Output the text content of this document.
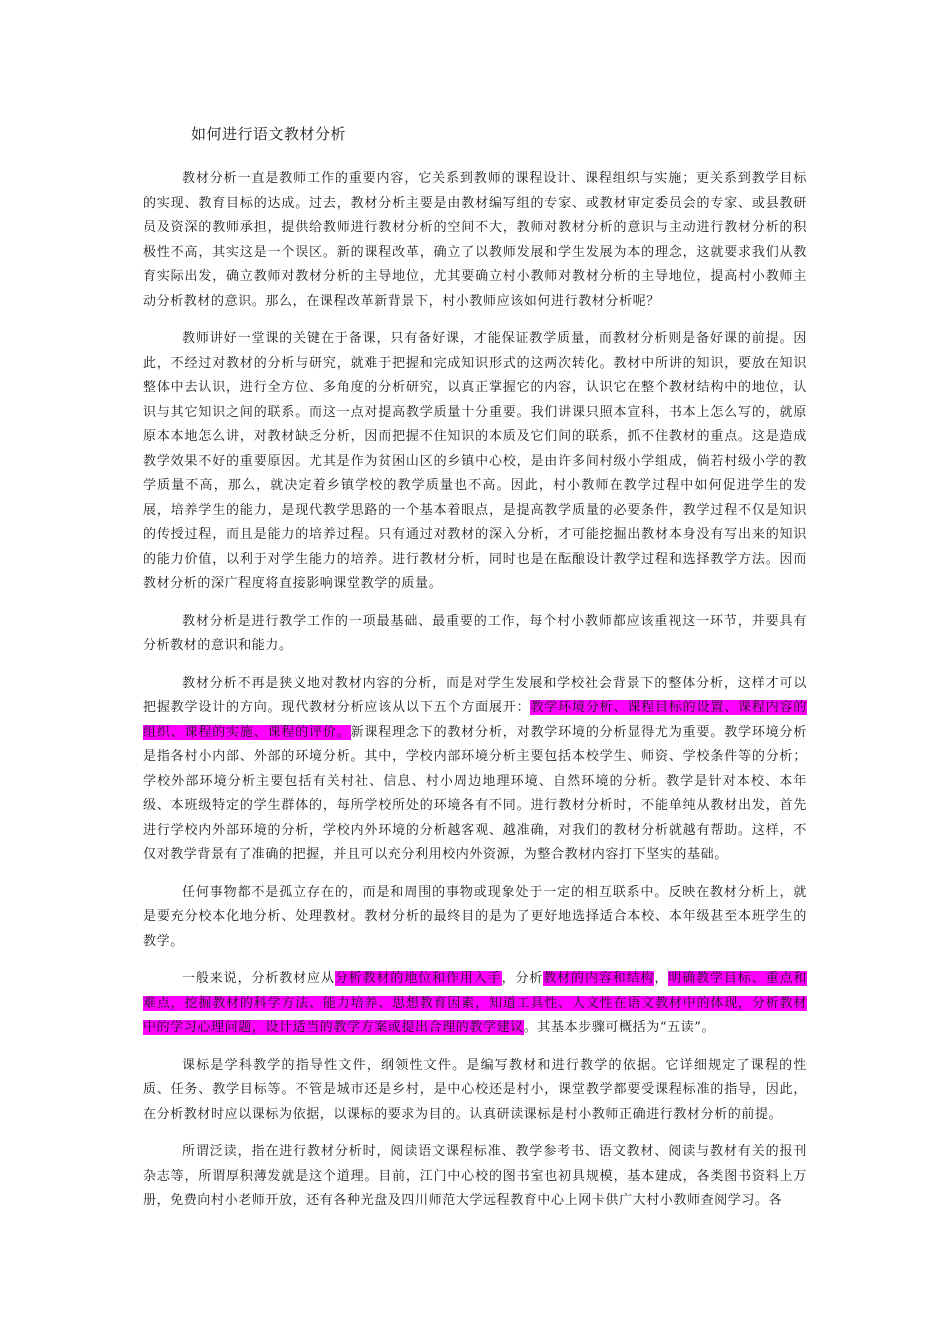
如何进行语文教材分析

教材分析一直是教师工作的重要内容，它关系到教师的课程设计、课程组织与实施；更关系到教学目标的实现、教育目标的达成。过去，教材分析主要是由教材编写组的专家、或教材审定委员会的专家、或县教研员及资深的教师承担，提供给教师进行教材分析的空间不大，教师对教材分析的意识与主动进行教材分析的积极性不高，其实这是一个误区。新的课程改革，确立了以教师发展和学生发展为本的理念，这就要求我们从教育实际出发，确立教师对教材分析的主导地位，尤其要确立村小教师对教材分析的主导地位，提高村小教师主动分析教材的意识。那么，在课程改革新背景下，村小教师应该如何进行教材分析呢？

教师讲好一堂课的关键在于备课，只有备好课，才能保证教学质量，而教材分析则是备好课的前提。因此，不经过对教材的分析与研究，就难于把握和完成知识形式的这两次转化。教材中所讲的知识，要放在知识整体中去认识，进行全方位、多角度的分析研究，以真正掌握它的内容，认识它在整个教材结构中的地位，认识与其它知识之间的联系。而这一点对提高教学质量十分重要。我们讲课只照本宣科，书本上怎么写的，就原原本本地怎么讲，对教材缺乏分析，因而把握不住知识的本质及它们间的联系，抓不住教材的重点。这是造成教学效果不好的重要原因。尤其是作为贫困山区的乡镇中心校，是由许多间村级小学组成，倘若村级小学的教学质量不高，那么，就决定着乡镇学校的教学质量也不高。因此，村小教师在教学过程中如何促进学生的发展，培养学生的能力，是现代教学思路的一个基本着眼点，是提高教学质量的必要条件，教学过程不仅是知识的传授过程，而且是能力的培养过程。只有通过对教材的深入分析，才可能挖掘出教材本身没有写出来的知识的能力价值，以利于对学生能力的培养。进行教材分析，同时也是在酝酿设计教学过程和选择教学方法。因而教材分析的深广程度将直接影响课堂教学的质量。

教材分析是进行教学工作的一项最基础、最重要的工作，每个村小教师都应该重视这一环节，并要具有分析教材的意识和能力。

教材分析不再是狭义地对教材内容的分析，而是对学生发展和学校社会背景下的整体分析，这样才可以把握教学设计的方向。现代教材分析应该从以下五个方面展开：教学环境分析、课程目标的设置、课程内容的组织、课程的实施、课程的评价。新课程理念下的教材分析，对教学环境的分析显得尤为重要。教学环境分析是指各村小内部、外部的环境分析。其中，学校内部环境分析主要包括本校学生、师资、学校条件等的分析；学校外部环境分析主要包括有关村社、信息、村小周边地理环境、自然环境的分析。教学是针对本校、本年级、本班级特定的学生群体的，每所学校所处的环境各有不同。进行教材分析时，不能单纯从教材出发，首先进行学校内外部环境的分析，学校内外环境的分析越客观、越准确，对我们的教材分析就越有帮助。这样，不仅对教学背景有了准确的把握，并且可以充分利用校内外资源，为整合教材内容打下坚实的基础。

任何事物都不是孤立存在的，而是和周围的事物或现象处于一定的相互联系中。反映在教材分析上，就是要充分校本化地分析、处理教材。教材分析的最终目的是为了更好地选择适合本校、本年级甚至本班学生的教学。

一般来说，分析教材应从分析教材的地位和作用入手，分析教材的内容和结构，明确教学目标、重点和难点，挖掘教材的科学方法、能力培养、思想教育因素，知道工具性、人文性在语文教材中的体现，分析教材中的学习心理问题，设计适当的教学方案或提出合理的教学建议。其基本步骤可概括为“五读”。

课标是学科教学的指导性文件，纲领性文件。是编写教材和进行教学的依据。它详细规定了课程的性质、任务、教学目标等。不管是城市还是乡村，是中心校还是村小，课堂教学都要受课程标准的指导，因此，在分析教材时应以课标为依据，以课标的要求为目的。认真研读课标是村小教师正确进行教材分析的前提。

所谓泛读，指在进行教材分析时，阅读语文课程标准、教学参考书、语文教材、阅读与教材有关的报刊杂志等，所谓厚积薄发就是这个道理。目前，江门中心校的图书室也初具规模，基本建成，各类图书资料上万册，免费向村小老师开放，还有各种光盘及四川师范大学远程教育中心上网卡供广大村小教师查阅学习。各
